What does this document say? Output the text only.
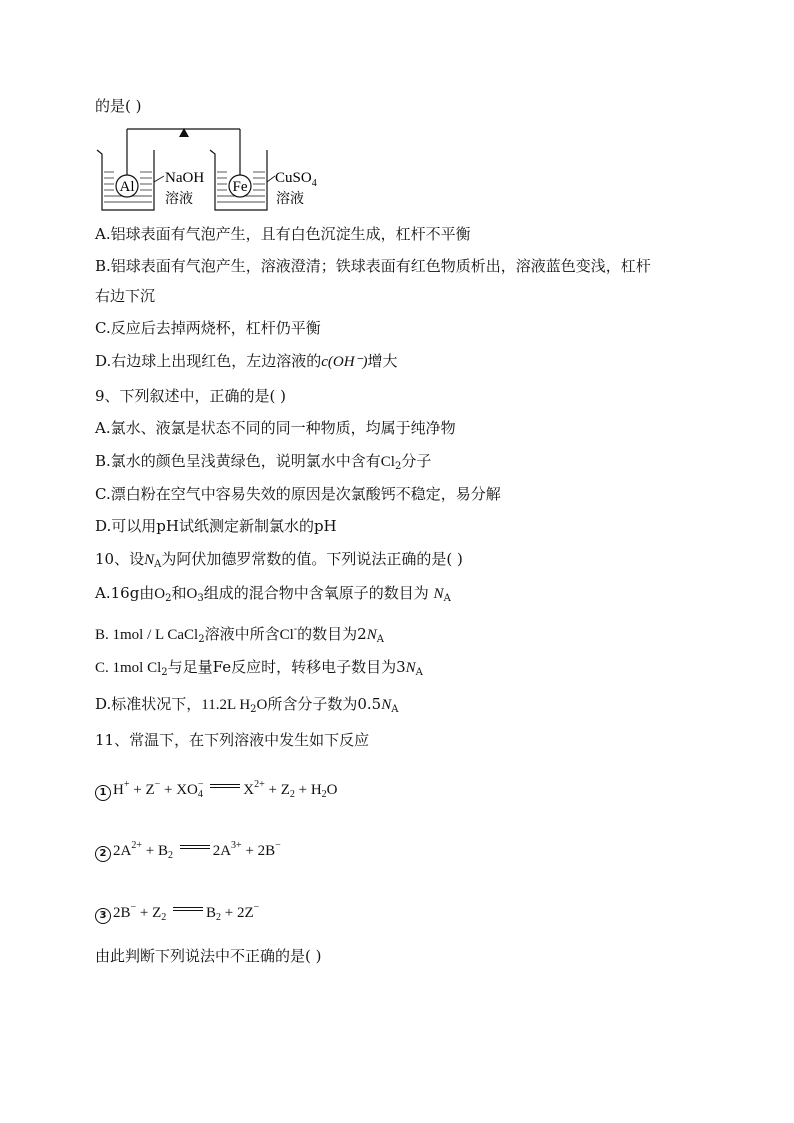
的是( )
Al
NaOH
溶液
Fe
CuSO$_4$
溶液
A.铝球表面有气泡产生，且有白色沉淀生成，杠杆不平衡
B.铝球表面有气泡产生，溶液澄清；铁球表面有红色物质析出，溶液蓝色变浅，杠杆
右边下沉
C.反应后去掉两烧杯，杠杆仍平衡
D.右边球上出现红色，左边溶液的c(OH⁻)增大
9、下列叙述中，正确的是( )
A.氯水、液氯是状态不同的同一种物质，均属于纯净物
B.氯水的颜色呈浅黄绿色，说明氯水中含有$Cl_2$分子
C.漂白粉在空气中容易失效的原因是次氯酸钙不稳定，易分解
D.可以用pH试纸测定新制氯水的pH
10、设$N_A$为阿伏加德罗常数的值。下列说法正确的是( )
A.16g由$O_2$和$O_3$组成的混合物中含氧原子的数目为 $N_A$
B. 1mol / L CaCl$_2$溶液中所含Cl-的数目为$2N_A$
C. 1mol $Cl_2$与足量Fe反应时，转移电子数目为$3N_A$
D.标准状况下，11.2L $H_2O$所含分子数为$0.5N_A$
11、常温下，在下列溶液中发生如下反应
1 $H^+ + Z^- + XO_4^-$	$X^{2+} + Z_2 + H_2O$
2 $2A^{2+} + B_2$	$2A^{3+} + 2B^-$
3 $2B^- + Z_2$	$B_2 + 2Z^-$
由此判断下列说法中不正确的是( )
